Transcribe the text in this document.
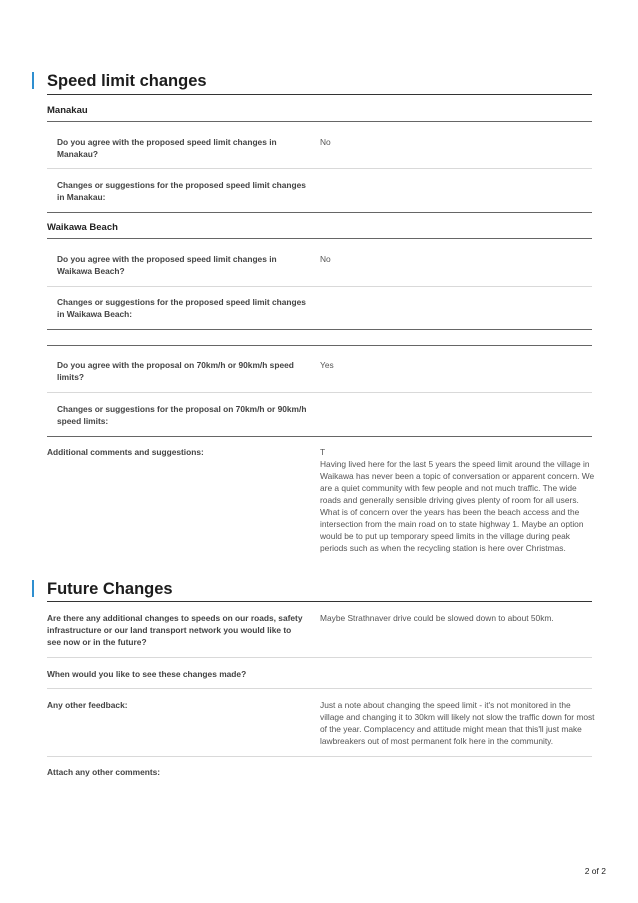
Speed limit changes
Manakau
Do you agree with the proposed speed limit changes in Manakau?
No
Changes or suggestions for the proposed speed limit changes in Manakau:
Waikawa Beach
Do you agree with the proposed speed limit changes in Waikawa Beach?
No
Changes or suggestions for the proposed speed limit changes in Waikawa Beach:
Do you agree with the proposal on 70km/h or 90km/h speed limits?
Yes
Changes or suggestions for the proposal on 70km/h or 90km/h speed limits:
Additional comments and suggestions:	T

Having lived here for the last 5 years the speed limit around the village in Waikawa has never been a topic of conversation or apparent concern. We are a quiet community with few people and not much traffic. The wide roads and generally sensible driving gives plenty of room for all users. What is of concern over the years has been the beach access and the intersection from the main road on to state highway 1. Maybe an option would be to put up temporary speed limits in the village during peak periods such as when the recycling station is here over Christmas.

Future Changes
Are there any additional changes to speeds on our roads, safety infrastructure or our land transport network you would like to see now or in the future?
Maybe Strathnaver drive could be slowed down to about 50km.
When would you like to see these changes made?
Any other feedback:	Just a note about changing the speed limit - it's not monitored in the village and changing it to 30km will likely not slow the traffic down for most of the year. Complacency and attitude might mean that this'll just make lawbreakers out of most permanent folk here in the community.
Attach any other comments:
2 of 2
